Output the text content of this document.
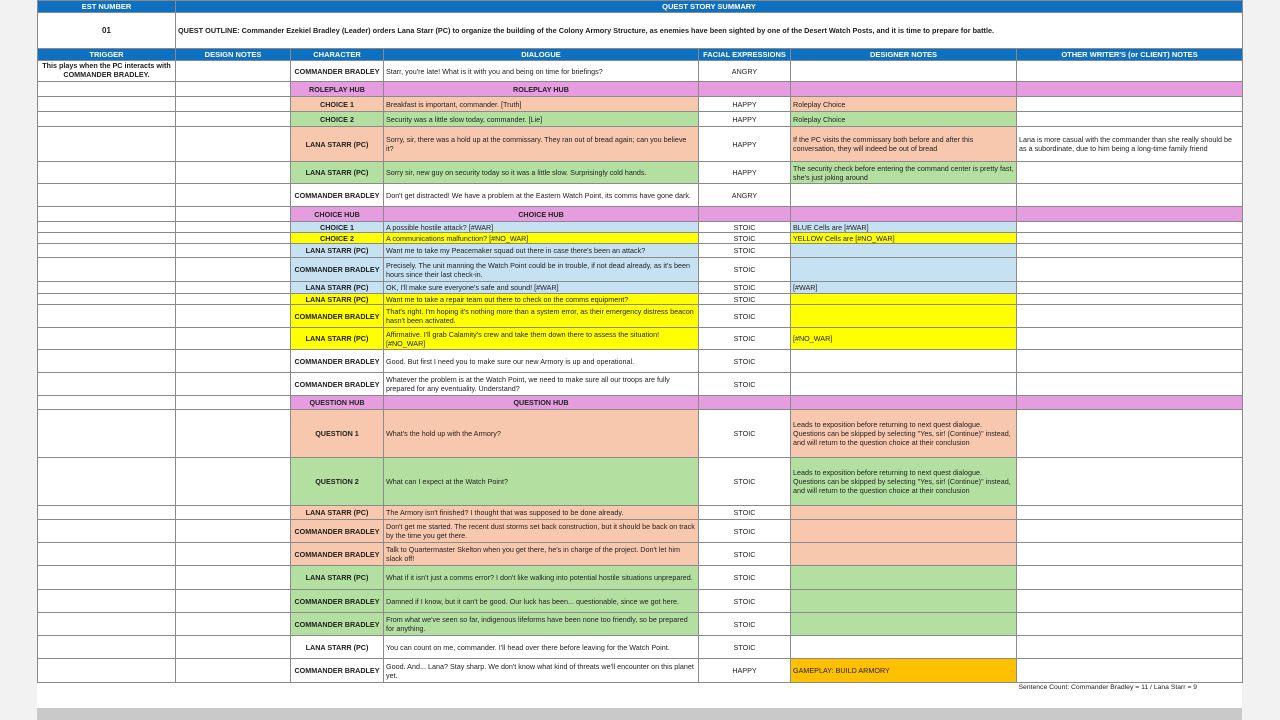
EST NUMBER	QUEST STORY SUMMARY					
01	QUEST OUTLINE: Commander Ezekiel Bradley (Leader) orders Lana Starr (PC) to organize the building of the Colony Armory Structure, as enemies have been sighted by one of the Desert Watch Posts, and it is time to prepare for battle.					
TRIGGER	DESIGN NOTES	CHARACTER	DIALOGUE	FACIAL EXPRESSIONS	DESIGNER NOTES	OTHER WRITER'S (or CLIENT) NOTES
This plays when the PC interacts with COMMANDER BRADLEY.		COMMANDER BRADLEY	Starr, you're late! What is it with you and being on time for briefings?	ANGRY		
		ROLEPLAY HUB	ROLEPLAY HUB			
		CHOICE 1	Breakfast is important, commander. [Truth]	HAPPY	Roleplay Choice	
		CHOICE 2	Security was a little slow today, commander. [Lie]	HAPPY	Roleplay Choice	
		LANA STARR (PC)	Sorry, sir, there was a hold up at the commissary. They ran out of bread again; can you believe it?	HAPPY	If the PC visits the commissary both before and after this conversation, they will indeed be out of bread	Lana is more casual with the commander than she really should be as a subordinate, due to him being a long-time family friend
		LANA STARR (PC)	Sorry sir, new guy on security today so it was a little slow. Surprisingly cold hands.	HAPPY	The security check before entering the command center is pretty fast, she's just joking around	
		COMMANDER BRADLEY	Don't get distracted! We have a problem at the Eastern Watch Point, its comms have gone dark.	ANGRY		
		CHOICE HUB	CHOICE HUB			
		CHOICE 1	A possible hostile attack? [#WAR]	STOIC	BLUE Cells are [#WAR]	
		CHOICE 2	A communications malfunction? [#NO_WAR]	STOIC	YELLOW Cells are [#NO_WAR]	
		LANA STARR (PC)	Want me to take my Peacemaker squad out there in case there's been an attack?	STOIC		
		COMMANDER BRADLEY	Precisely. The unit manning the Watch Point could be in trouble, if not dead already, as it's been hours since their last check-in.	STOIC		
		LANA STARR (PC)	OK, I'll make sure everyone's safe and sound! [#WAR]	STOIC	[#WAR]	
		LANA STARR (PC)	Want me to take a repair team out there to check on the comms equipment?	STOIC		
		COMMANDER BRADLEY	That's right. I'm hoping it's nothing more than a system error, as their emergency distress beacon hasn't been activated.	STOIC		
		LANA STARR (PC)	Affirmative. I'll grab Calamity's crew and take them down there to assess the situation! [#NO_WAR]	STOIC	[#NO_WAR]	
		COMMANDER BRADLEY	Good. But first I need you to make sure our new Armory is up and operational.	STOIC		
		COMMANDER BRADLEY	Whatever the problem is at the Watch Point, we need to make sure all our troops are fully prepared for any eventuality. Understand?	STOIC		
		QUESTION HUB	QUESTION HUB			
		QUESTION 1	What's the hold up with the Armory?	STOIC	Leads to exposition before returning to next quest dialogue. Questions can be skipped by selecting "Yes, sir! (Continue)" instead, and will return to the question choice at their conclusion	
		QUESTION 2	What can I expect at the Watch Point?	STOIC	Leads to exposition before returning to next quest dialogue. Questions can be skipped by selecting "Yes, sir! (Continue)" instead, and will return to the question choice at their conclusion	
		LANA STARR (PC)	The Armory isn't finished? I thought that was supposed to be done already.	STOIC		
		COMMANDER BRADLEY	Don't get me started. The recent dust storms set back construction, but it should be back on track by the time you get there.	STOIC		
		COMMANDER BRADLEY	Talk to Quartermaster Skelton when you get there, he's in charge of the project. Don't let him slack off!	STOIC		
		LANA STARR (PC)	What if it isn't just a comms error? I don't like walking into potential hostile situations unprepared.	STOIC		
		COMMANDER BRADLEY	Damned if I know, but it can't be good. Our luck has been... questionable, since we got here.	STOIC		
		COMMANDER BRADLEY	From what we've seen so far, indigenous lifeforms have been none too friendly, so be prepared for anything.	STOIC		
		LANA STARR (PC)	You can count on me, commander. I'll head over there before leaving for the Watch Point.	STOIC		
		COMMANDER BRADLEY	Good. And... Lana? Stay sharp. We don't know what kind of threats we'll encounter on this planet yet.	HAPPY	GAMEPLAY: BUILD ARMORY	
						Sentence Count: Commander Bradley = 11 / Lana Starr = 9
